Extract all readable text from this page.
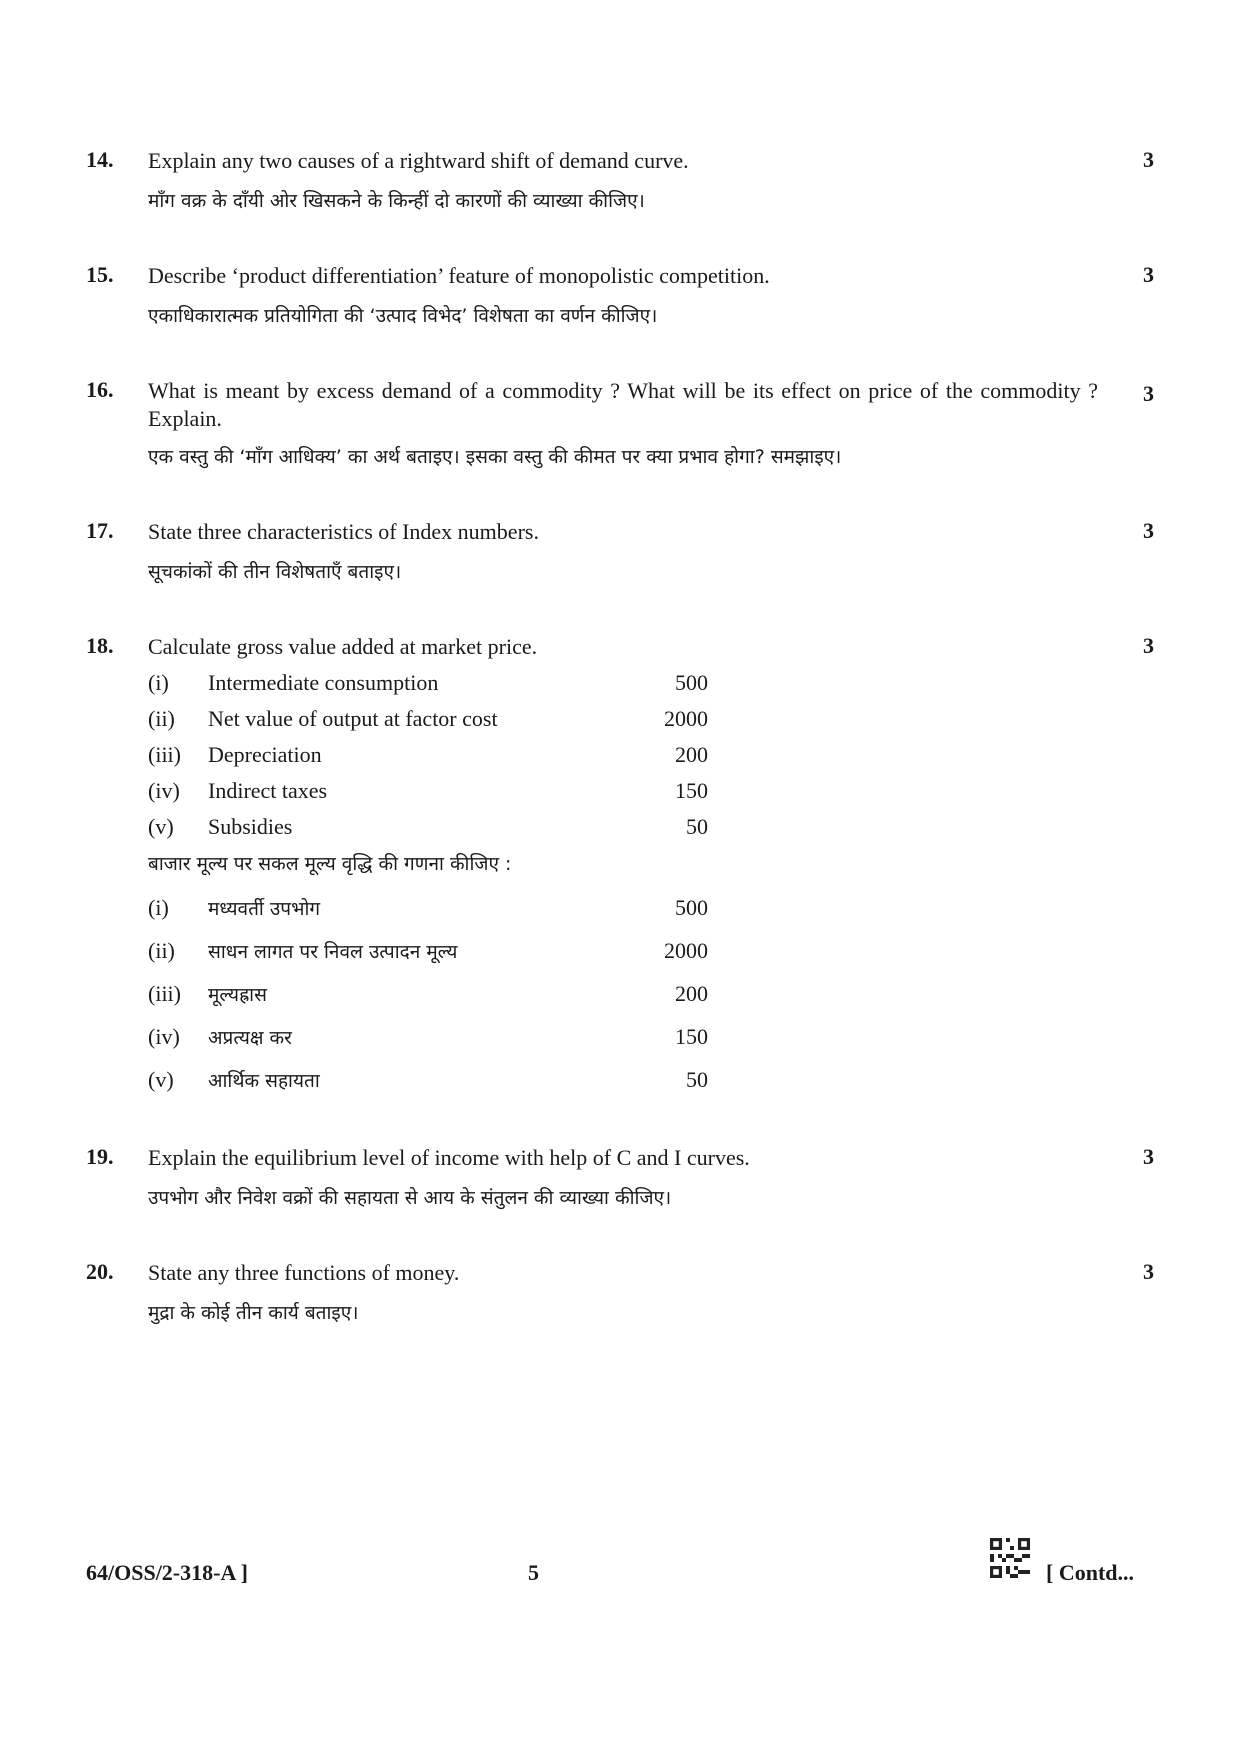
14. Explain any two causes of a rightward shift of demand curve.
माँग वक्र के दाँयी ओर खिसकने के किन्हीं दो कारणों की व्याख्या कीजिए।
3
15. Describe ‘product differentiation’ feature of monopolistic competition.
एकाधिकारात्मक प्रतियोगिता की ‘उत्पाद विभेद’ विशेषता का वर्णन कीजिए।
3
16. What is meant by excess demand of a commodity ? What will be its effect on price of the commodity ? Explain.
एक वस्तु की ‘माँग आधिक्य’ का अर्थ बताइए। इसका वस्तु की कीमत पर क्या प्रभाव होगा? समझाइए।
3
17. State three characteristics of Index numbers.
सूचकांकों की तीन विशेषताएँ बताइए।
3
18. Calculate gross value added at market price.	3
(i) Intermediate consumption	500
(ii) Net value of output at factor cost	2000
(iii) Depreciation	200
(iv) Indirect taxes	150
(v) Subsidies	50
बाजार मूल्य पर सकल मूल्य वृद्धि की गणना कीजिए :
(i) मध्यवर्ती उपभोग	500
(ii) साधन लागत पर निवल उत्पादन मूल्य	2000
(iii) मूल्यह्रास	200
(iv) अप्रत्यक्ष कर	150
(v) आर्थिक सहायता	50
19. Explain the equilibrium level of income with help of C and I curves.
उपभोग और निवेश वक्रों की सहायता से आय के संतुलन की व्याख्या कीजिए।
3
20. State any three functions of money.
मुद्रा के कोई तीन कार्य बताइए।
3
64/OSS/2-318-A ]	5	[ Contd...
